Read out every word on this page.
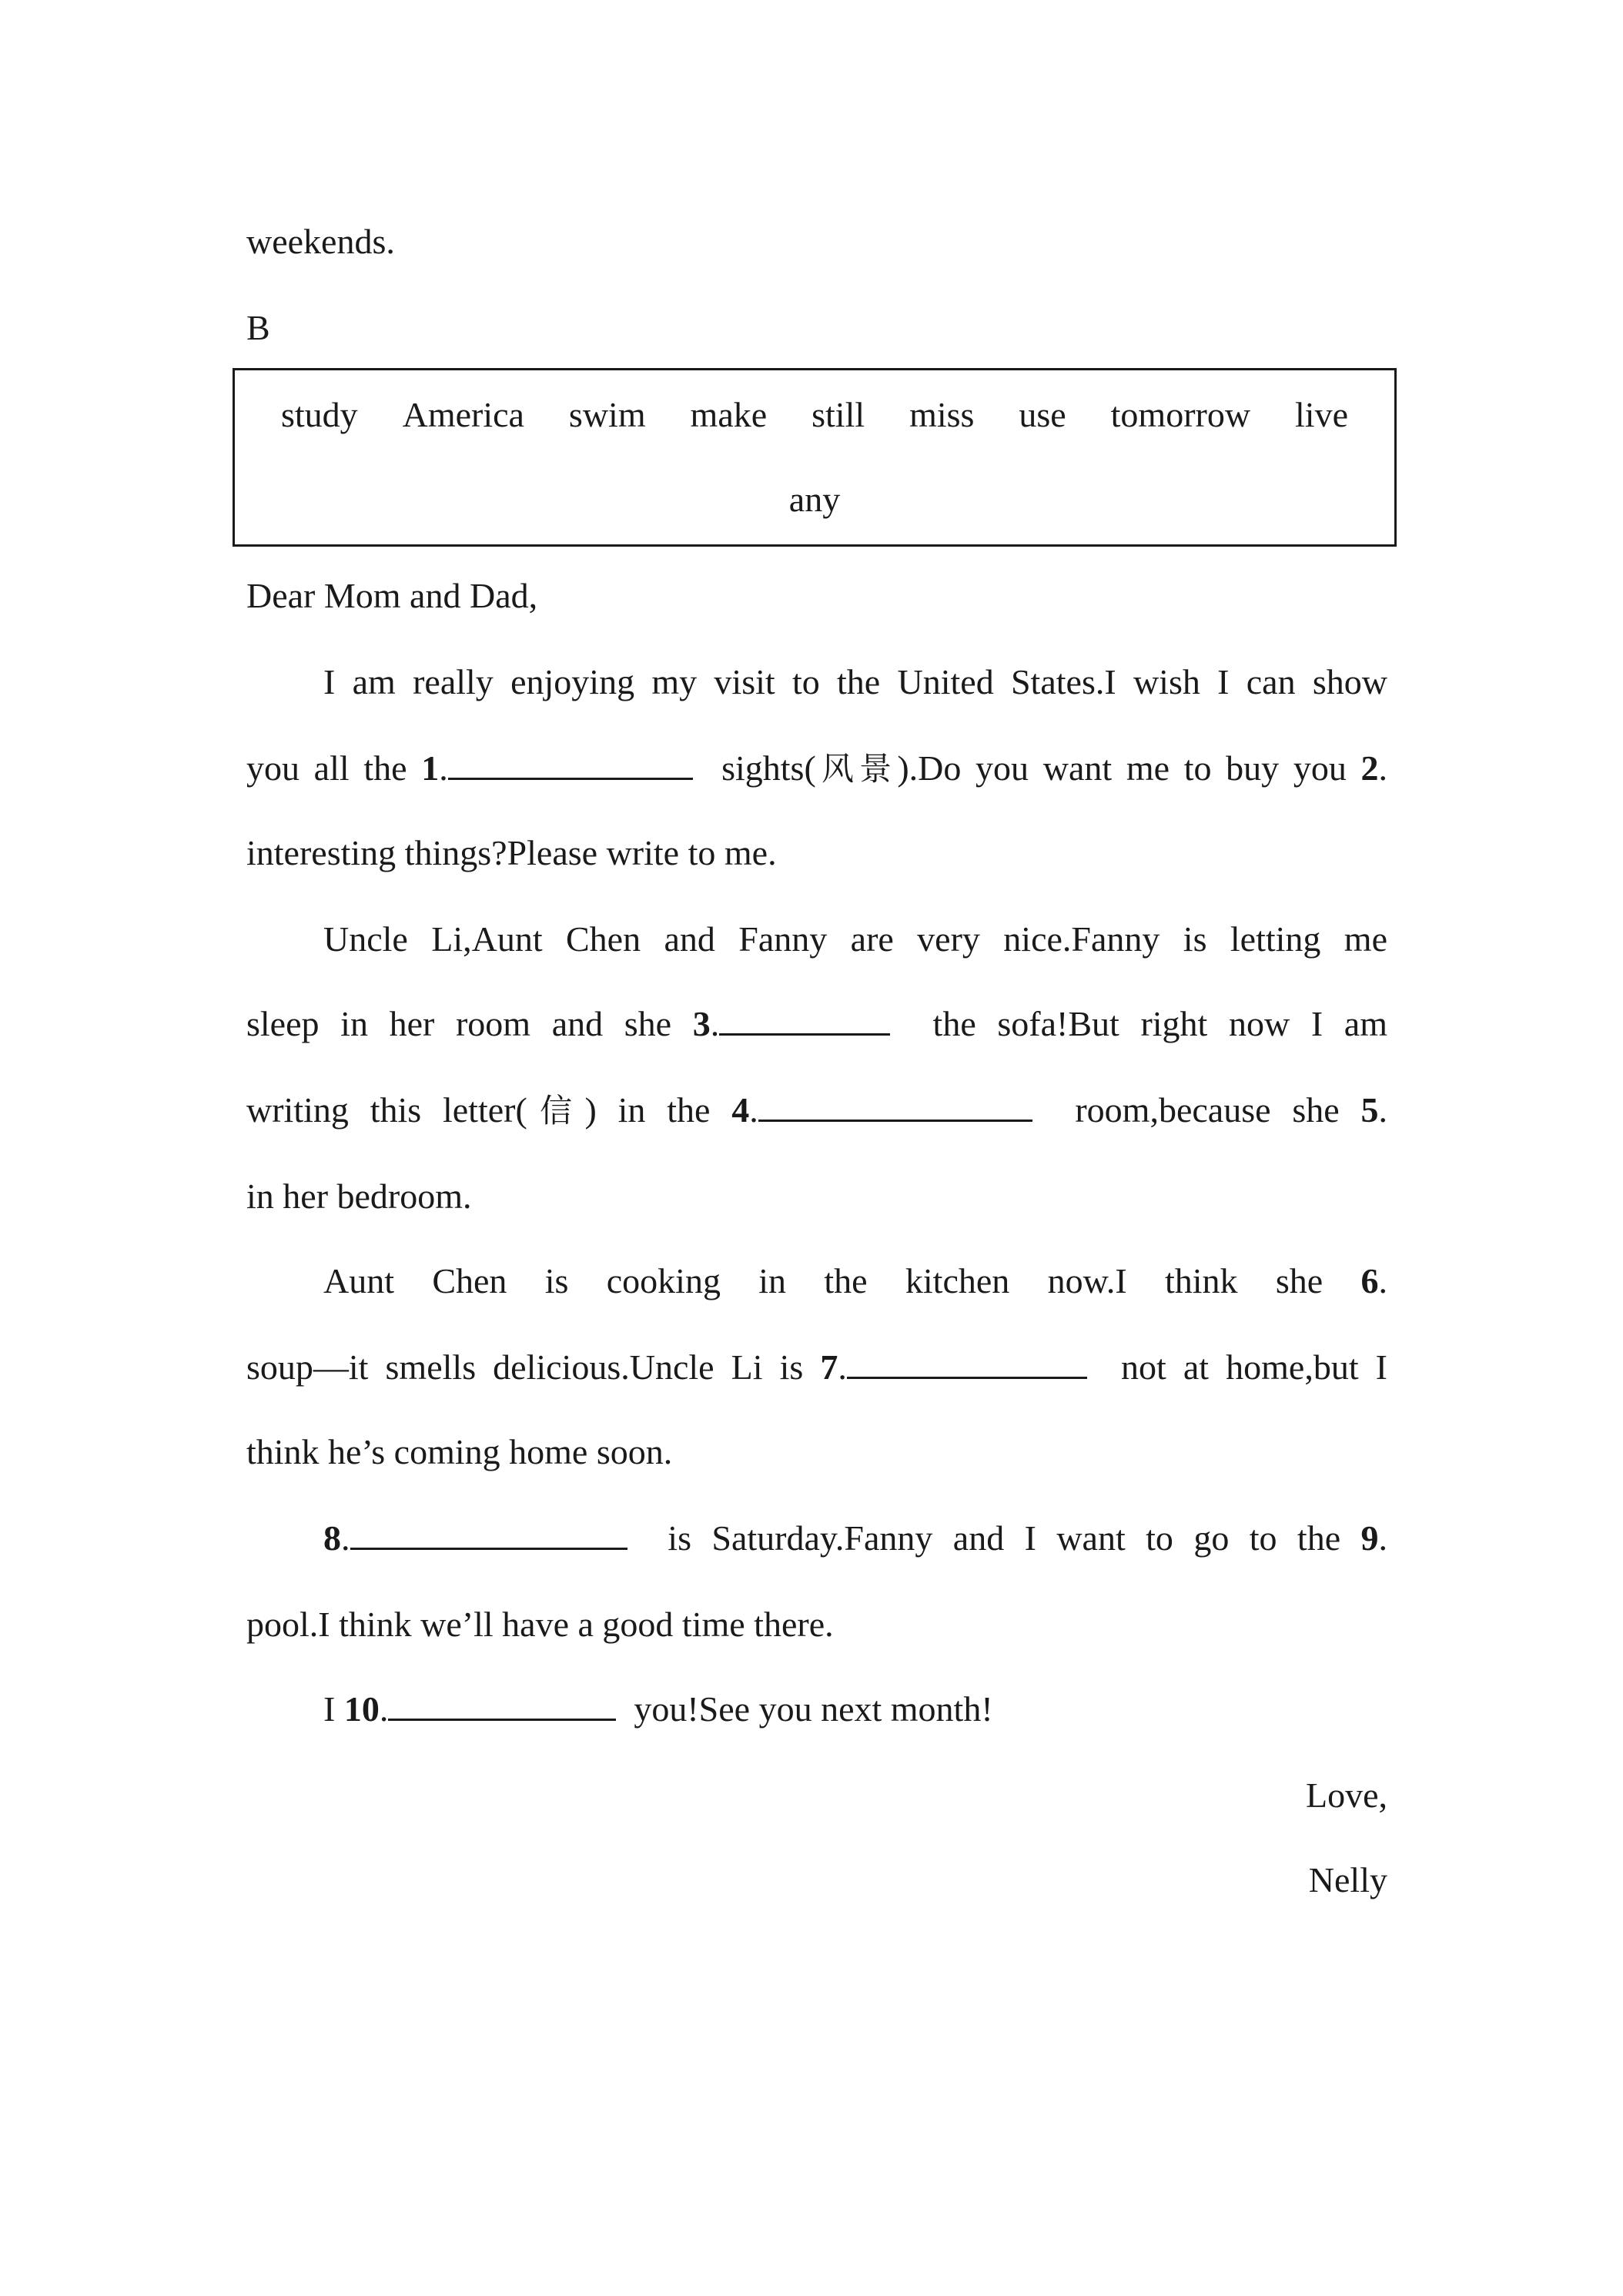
weekends.
B
study America swim make still miss use tomorrow live
any
Dear Mom and Dad,
I am really enjoying my visit to the United States.I wish I can show
you all the 1.	sights(风景).Do you want me to buy you 2.
interesting things?Please write to me.
Uncle Li,Aunt Chen and Fanny are very nice.Fanny is letting me
sleep in her room and she 3.	the sofa!But right now I am
writing this letter(信) in the 4.	room,because she 5.
in her bedroom.
Aunt Chen is cooking in the kitchen now.I think she 6.
soup—it smells delicious.Uncle Li is 7.	not at home,but I
think he’s coming home soon.
8.	is Saturday.Fanny and I want to go to the 9.
pool.I think we’ll have a good time there.
I 10.	you!See you next month!
Love,
Nelly
